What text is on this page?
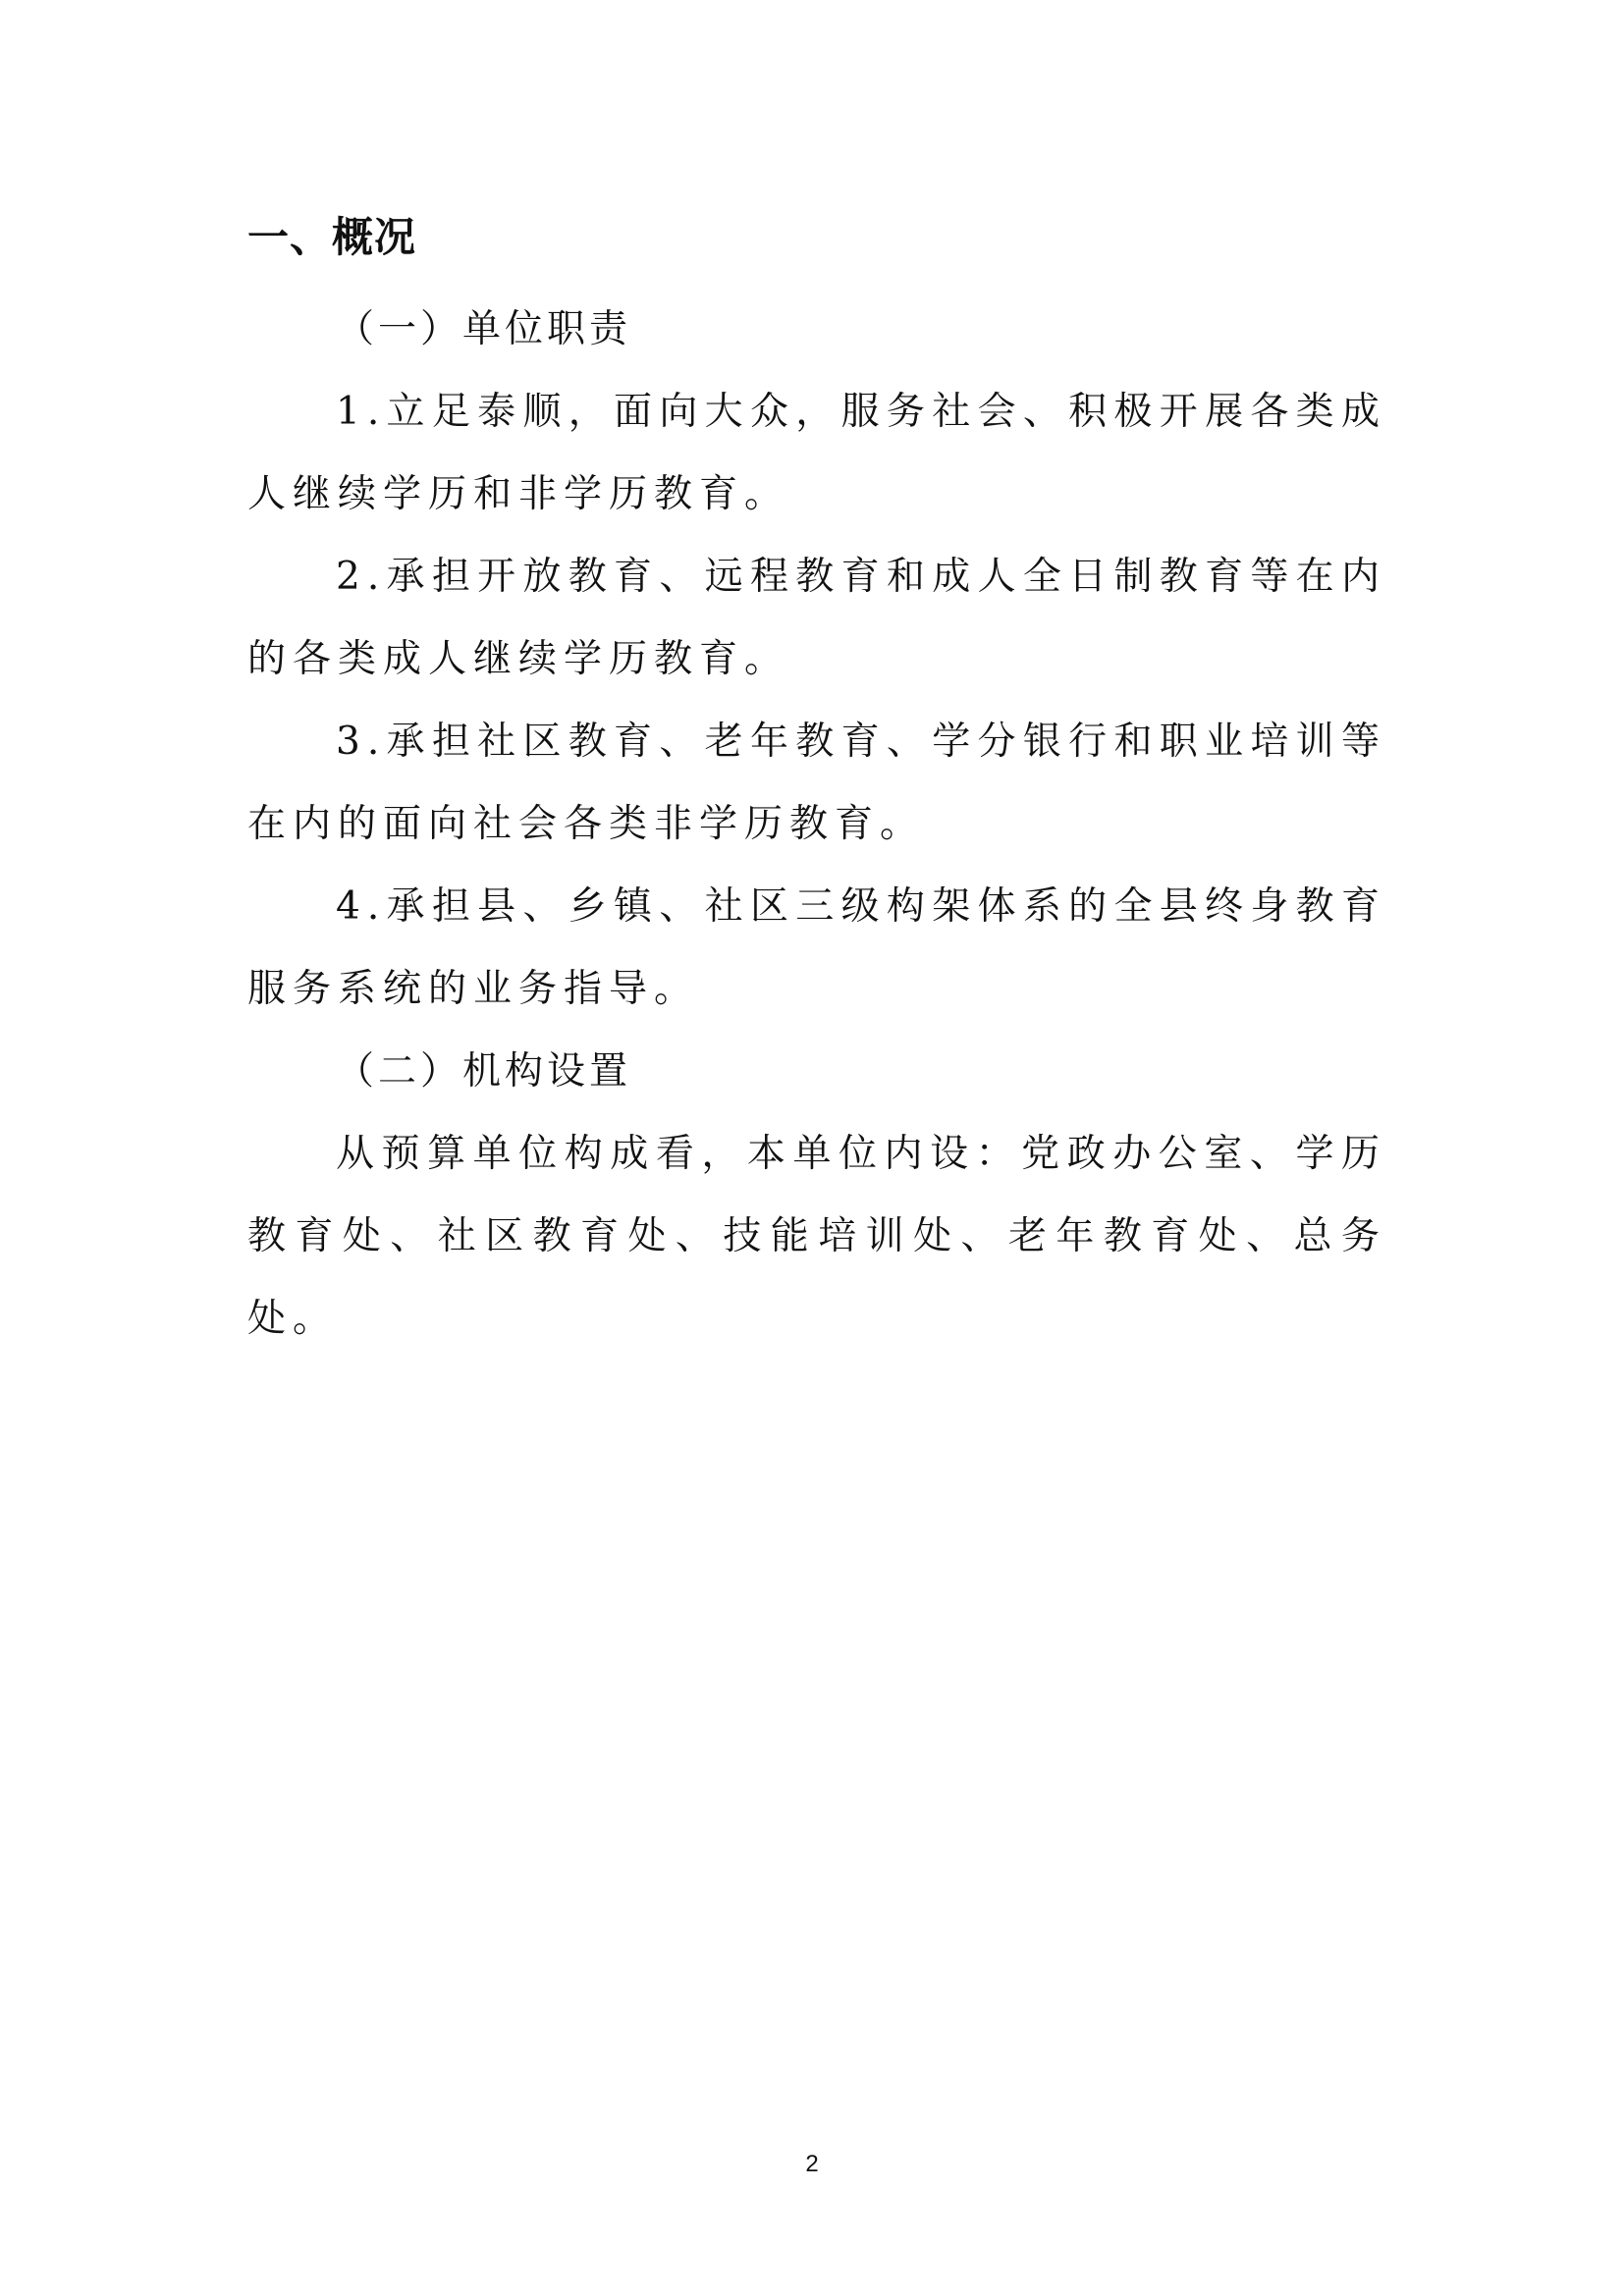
一、概况
（一）单位职责

1.立足泰顺，面向大众，服务社会、积极开展各类成人继续学历和非学历教育。

2.承担开放教育、远程教育和成人全日制教育等在内的各类成人继续学历教育。

3.承担社区教育、老年教育、学分银行和职业培训等在内的面向社会各类非学历教育。

4.承担县、乡镇、社区三级构架体系的全县终身教育服务系统的业务指导。

（二）机构设置

从预算单位构成看，本单位内设：党政办公室、学历教育处、社区教育处、技能培训处、老年教育处、总务处。

2
